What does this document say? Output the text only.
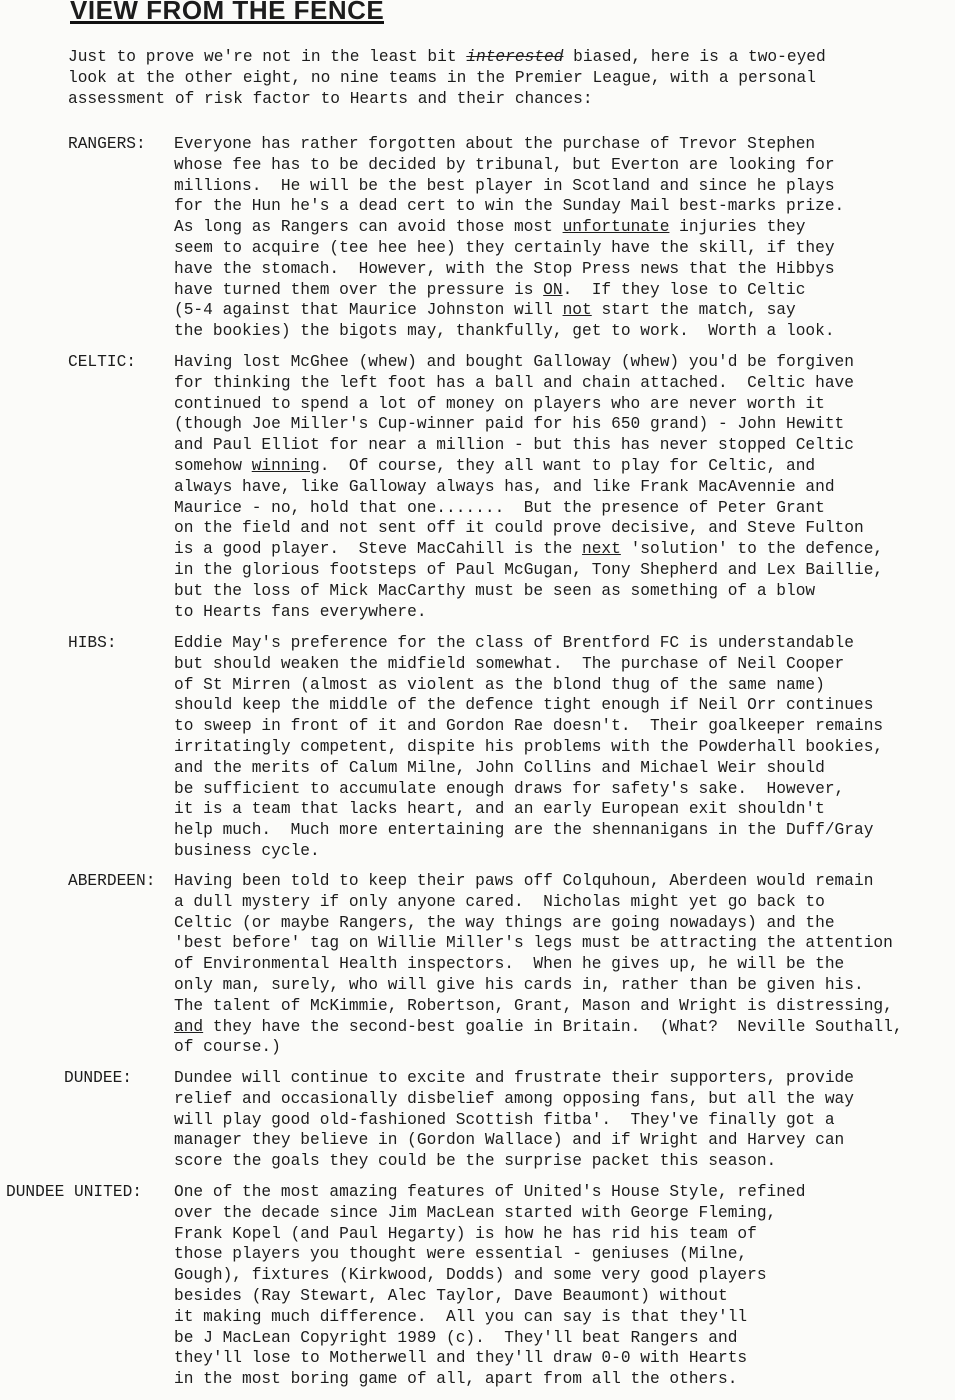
VIEW FROM THE FENCE
Just to prove we're not in the least bit interested biased, here is a two-eyed
look at the other eight, no nine teams in the Premier League, with a personal
assessment of risk factor to Hearts and their chances:
RANGERS: Everyone has rather forgotten about the purchase of Trevor Stephen
whose fee has to be decided by tribunal, but Everton are looking for
millions.  He will be the best player in Scotland and since he plays
for the Hun he's a dead cert to win the Sunday Mail best-marks prize.
As long as Rangers can avoid those most unfortunate injuries they
seem to acquire (tee hee hee) they certainly have the skill, if they
have the stomach.  However, with the Stop Press news that the Hibbys
have turned them over the pressure is ON.  If they lose to Celtic
(5-4 against that Maurice Johnston will not start the match, say
the bookies) the bigots may, thankfully, get to work.  Worth a look.
CELTIC: Having lost McGhee (whew) and bought Galloway (whew) you'd be forgiven
for thinking the left foot has a ball and chain attached.  Celtic have
continued to spend a lot of money on players who are never worth it
(though Joe Miller's Cup-winner paid for his 650 grand) - John Hewitt
and Paul Elliot for near a million - but this has never stopped Celtic
somehow winning.  Of course, they all want to play for Celtic, and
always have, like Galloway always has, and like Frank MacAvennie and
Maurice - no, hold that one.......  But the presence of Peter Grant
on the field and not sent off it could prove decisive, and Steve Fulton
is a good player.  Steve MacCahill is the next 'solution' to the defence,
in the glorious footsteps of Paul McGugan, Tony Shepherd and Lex Baillie,
but the loss of Mick MacCarthy must be seen as something of a blow
to Hearts fans everywhere.
HIBS:	Eddie May's preference for the class of Brentford FC is understandable
but should weaken the midfield somewhat.  The purchase of Neil Cooper
of St Mirren (almost as violent as the blond thug of the same name)
should keep the middle of the defence tight enough if Neil Orr continues
to sweep in front of it and Gordon Rae doesn't.  Their goalkeeper remains
irritatingly competent, dispite his problems with the Powderhall bookies,
and the merits of Calum Milne, John Collins and Michael Weir should
be sufficient to accumulate enough draws for safety's sake.  However,
it is a team that lacks heart, and an early European exit shouldn't
help much.  Much more entertaining are the shennanigans in the Duff/Gray
business cycle.
ABERDEEN: Having been told to keep their paws off Colquhoun, Aberdeen would remain
a dull mystery if only anyone cared.  Nicholas might yet go back to
Celtic (or maybe Rangers, the way things are going nowadays) and the
'best before' tag on Willie Miller's legs must be attracting the attention
of Environmental Health inspectors.  When he gives up, he will be the
only man, surely, who will give his cards in, rather than be given his.
The talent of McKimmie, Robertson, Grant, Mason and Wright is distressing,
and they have the second-best goalie in Britain.  (What?  Neville Southall,
of course.)
DUNDEE:	Dundee will continue to excite and frustrate their supporters, provide
relief and occasionally disbelief among opposing fans, but all the way
will play good old-fashioned Scottish fitba'.  They've finally got a
manager they believe in (Gordon Wallace) and if Wright and Harvey can
score the goals they could be the surprise packet this season.
DUNDEE UNITED: One of the most amazing features of United's House Style, refined
over the decade since Jim MacLean started with George Fleming,
Frank Kopel (and Paul Hegarty) is how he has rid his team of
those players you thought were essential - geniuses (Milne,
Gough), fixtures (Kirkwood, Dodds) and some very good players
besides (Ray Stewart, Alec Taylor, Dave Beaumont) without
it making much difference.  All you can say is that they'll
be J MacLean Copyright 1989 (c).  They'll beat Rangers and
they'll lose to Motherwell and they'll draw 0-0 with Hearts
in the most boring game of all, apart from all the others.
